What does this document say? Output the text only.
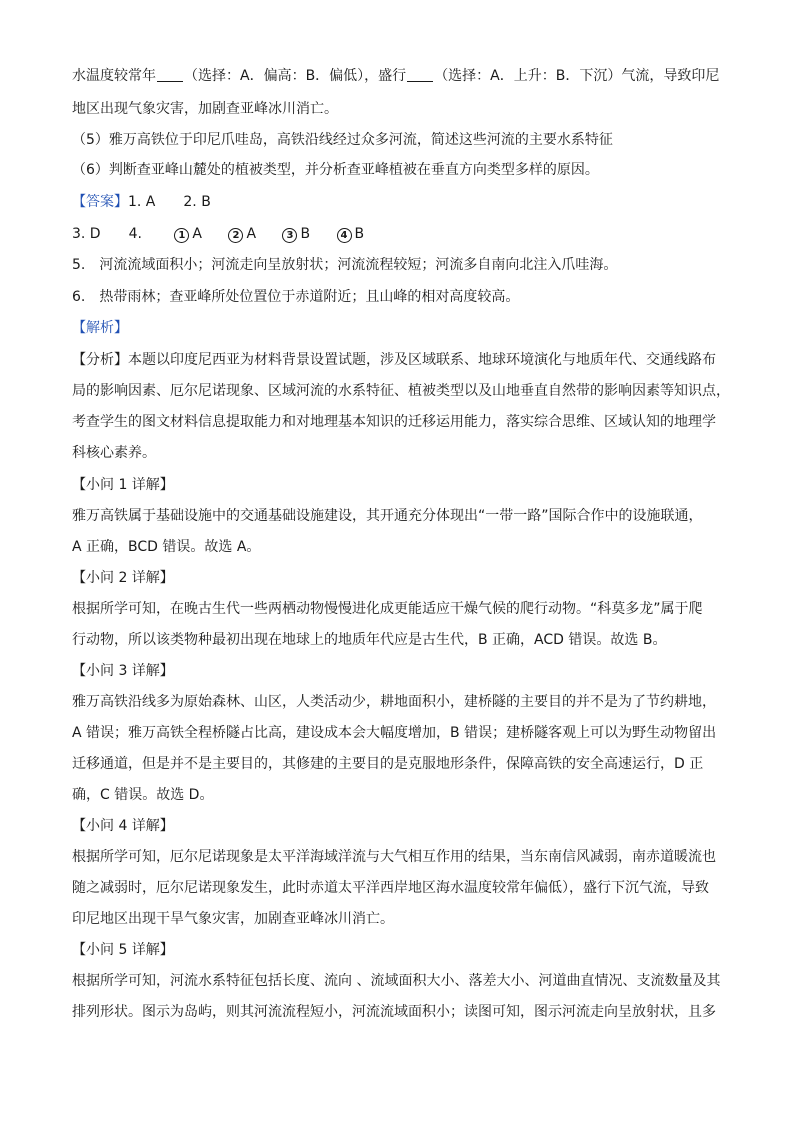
水温度较常年 （选择：A．偏高：B．偏低），盛行 （选择：A．上升：B．下沉）气流，导致印尼
地区出现气象灾害，加剧查亚峰冰川消亡。
（5）雅万高铁位于印尼爪哇岛，高铁沿线经过众多河流，简述这些河流的主要水系特征
（6）判断查亚峰山麓处的植被类型，并分析查亚峰植被在垂直方向类型多样的原因。
【答案】1. A 2. B
3. D 4.	1 A	2 A	3 B	4 B
5.　河流流域面积小；河流走向呈放射状；河流流程较短；河流多自南向北注入爪哇海。
6.　热带雨林；查亚峰所处位置位于赤道附近；且山峰的相对高度较高。
【解析】
【分析】本题以印度尼西亚为材料背景设置试题，涉及区域联系、地球环境演化与地质年代、交通线路布
局的影响因素、厄尔尼诺现象、区域河流的水系特征、植被类型以及山地垂直自然带的影响因素等知识点，
考查学生的图文材料信息提取能力和对地理基本知识的迁移运用能力，落实综合思维、区域认知的地理学
科核心素养。
【小问 1 详解】
雅万高铁属于基础设施中的交通基础设施建设，其开通充分体现出“一带一路”国际合作中的设施联通，
A 正确，BCD 错误。故选 A。
【小问 2 详解】
根据所学可知，在晚古生代一些两栖动物慢慢进化成更能适应干燥气候的爬行动物。“科莫多龙”属于爬
行动物，所以该类物种最初出现在地球上的地质年代应是古生代，B 正确，ACD 错误。故选 B。
【小问 3 详解】
雅万高铁沿线多为原始森林、山区，人类活动少，耕地面积小，建桥隧的主要目的并不是为了节约耕地，
A 错误；雅万高铁全程桥隧占比高，建设成本会大幅度增加，B 错误；建桥隧客观上可以为野生动物留出
迁移通道，但是并不是主要目的，其修建的主要目的是克服地形条件，保障高铁的安全高速运行，D 正
确，C 错误。故选 D。
【小问 4 详解】
根据所学可知，厄尔尼诺现象是太平洋海域洋流与大气相互作用的结果，当东南信风减弱，南赤道暖流也
随之减弱时，厄尔尼诺现象发生，此时赤道太平洋西岸地区海水温度较常年偏低），盛行下沉气流，导致
印尼地区出现干旱气象灾害，加剧查亚峰冰川消亡。
【小问 5 详解】
根据所学可知，河流水系特征包括长度、流向 、流域面积大小、落差大小、河道曲直情况、支流数量及其
排列形状。图示为岛屿，则其河流流程短小，河流流域面积小；读图可知，图示河流走向呈放射状，且多
